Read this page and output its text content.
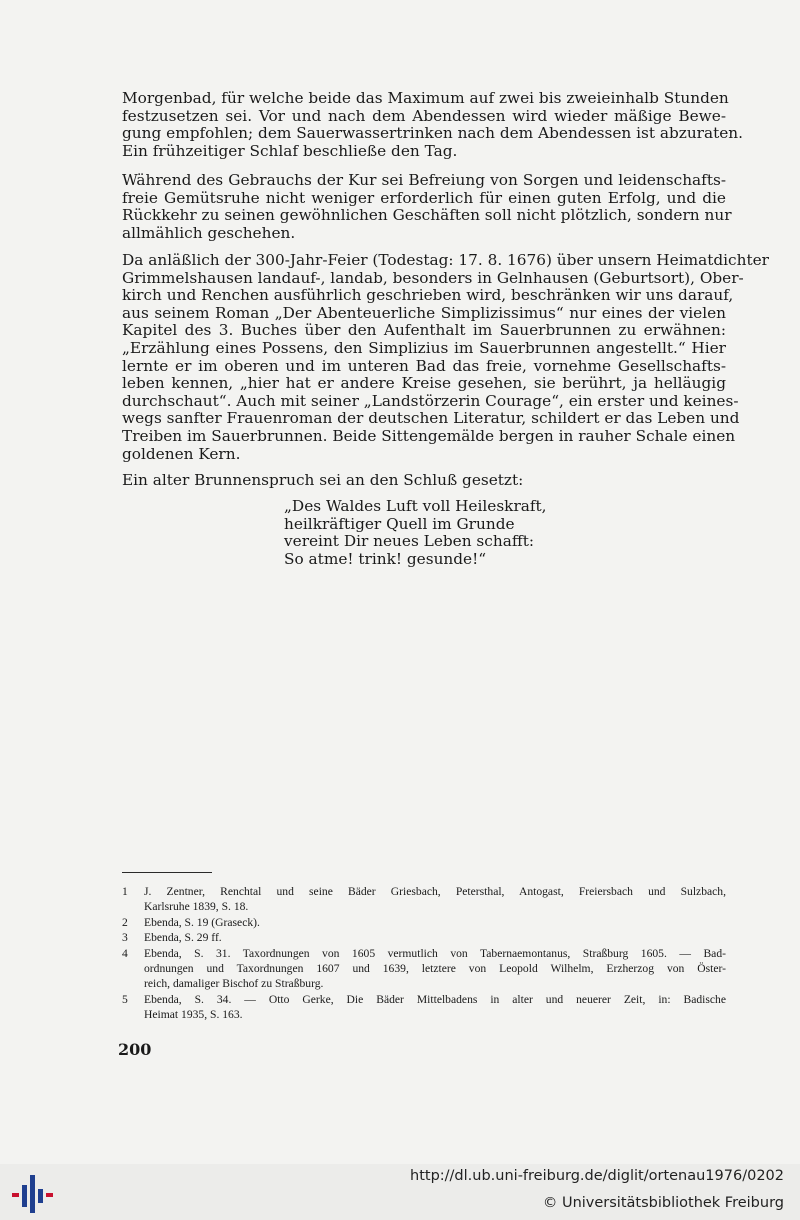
Morgenbad, für welche beide das Maximum auf zwei bis zweieinhalb Stunden
festzusetzen sei. Vor und nach dem Abendessen wird wieder mäßige Bewe-
gung empfohlen; dem Sauerwassertrinken nach dem Abendessen ist abzuraten.
Ein frühzeitiger Schlaf beschließe den Tag.
Während des Gebrauchs der Kur sei Befreiung von Sorgen und leidenschafts-
freie Gemütsruhe nicht weniger erforderlich für einen guten Erfolg, und die
Rückkehr zu seinen gewöhnlichen Geschäften soll nicht plötzlich, sondern nur
allmählich geschehen.
Da anläßlich der 300-Jahr-Feier (Todestag: 17. 8. 1676) über unsern Heimatdichter
Grimmelshausen landauf-, landab, besonders in Gelnhausen (Geburtsort), Ober-
kirch und Renchen ausführlich geschrieben wird, beschränken wir uns darauf,
aus seinem Roman „Der Abenteuerliche Simplizissimus“ nur eines der vielen
Kapitel des 3. Buches über den Aufenthalt im Sauerbrunnen zu erwähnen:
„Erzählung eines Possens, den Simplizius im Sauerbrunnen angestellt.“ Hier
lernte er im oberen und im unteren Bad das freie, vornehme Gesellschafts-
leben kennen, „hier hat er andere Kreise gesehen, sie berührt, ja helläugig
durchschaut“. Auch mit seiner „Landstörzerin Courage“, ein erster und keines-
wegs sanfter Frauenroman der deutschen Literatur, schildert er das Leben und
Treiben im Sauerbrunnen. Beide Sittengemälde bergen in rauher Schale einen
goldenen Kern.
Ein alter Brunnenspruch sei an den Schluß gesetzt:
„Des Waldes Luft voll Heileskraft,
heilkräftiger Quell im Grunde
vereint Dir neues Leben schafft:
So atme! trink! gesunde!“
1 J. Zentner, Renchtal und seine Bäder Griesbach, Petersthal, Antogast, Freiersbach und Sulzbach,
Karlsruhe 1839, S. 18.
2 Ebenda, S. 19 (Graseck).
3 Ebenda, S. 29 ff.
4 Ebenda, S. 31. Taxordnungen von 1605 vermutlich von Tabernaemontanus, Straßburg 1605. — Bad-
ordnungen und Taxordnungen 1607 und 1639, letztere von Leopold Wilhelm, Erzherzog von Öster-
reich, damaliger Bischof zu Straßburg.
5 Ebenda, S. 34. — Otto Gerke, Die Bäder Mittelbadens in alter und neuerer Zeit, in: Badische
Heimat 1935, S. 163.
200
http://dl.ub.uni-freiburg.de/diglit/ortenau1976/0202
© Universitätsbibliothek Freiburg
